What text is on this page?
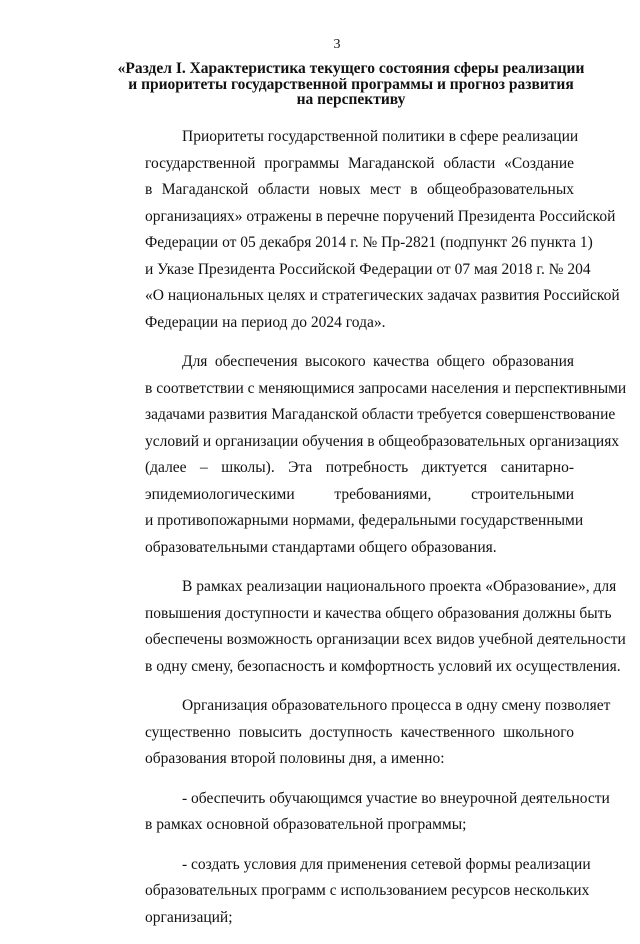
3
«Раздел I. Характеристика текущего состояния сферы реализации
и приоритеты государственной программы и прогноз развития
на перспективу
Приоритеты государственной политики в сфере реализации
государственной программы Магаданской области «Создание
в Магаданской области новых мест в общеобразовательных
организациях» отражены в перечне поручений Президента Российской
Федерации от 05 декабря 2014 г. № Пр-2821 (подпункт 26 пункта 1)
и Указе Президента Российской Федерации от 07 мая 2018 г. № 204
«О национальных целях и стратегических задачах развития Российской
Федерации на период до 2024 года».
Для обеспечения высокого качества общего образования
в соответствии с меняющимися запросами населения и перспективными
задачами развития Магаданской области требуется совершенствование
условий и организации обучения в общеобразовательных организациях
(далее – школы). Эта потребность диктуется санитарно-
эпидемиологическими требованиями, строительными
и противопожарными нормами, федеральными государственными
образовательными стандартами общего образования.
В рамках реализации национального проекта «Образование», для
повышения доступности и качества общего образования должны быть
обеспечены возможность организации всех видов учебной деятельности
в одну смену, безопасность и комфортность условий их осуществления.
Организация образовательного процесса в одну смену позволяет
существенно повысить доступность качественного школьного
образования второй половины дня, а именно:
- обеспечить обучающимся участие во внеурочной деятельности
в рамках основной образовательной программы;
- создать условия для применения сетевой формы реализации
образовательных программ с использованием ресурсов нескольких
организаций;
